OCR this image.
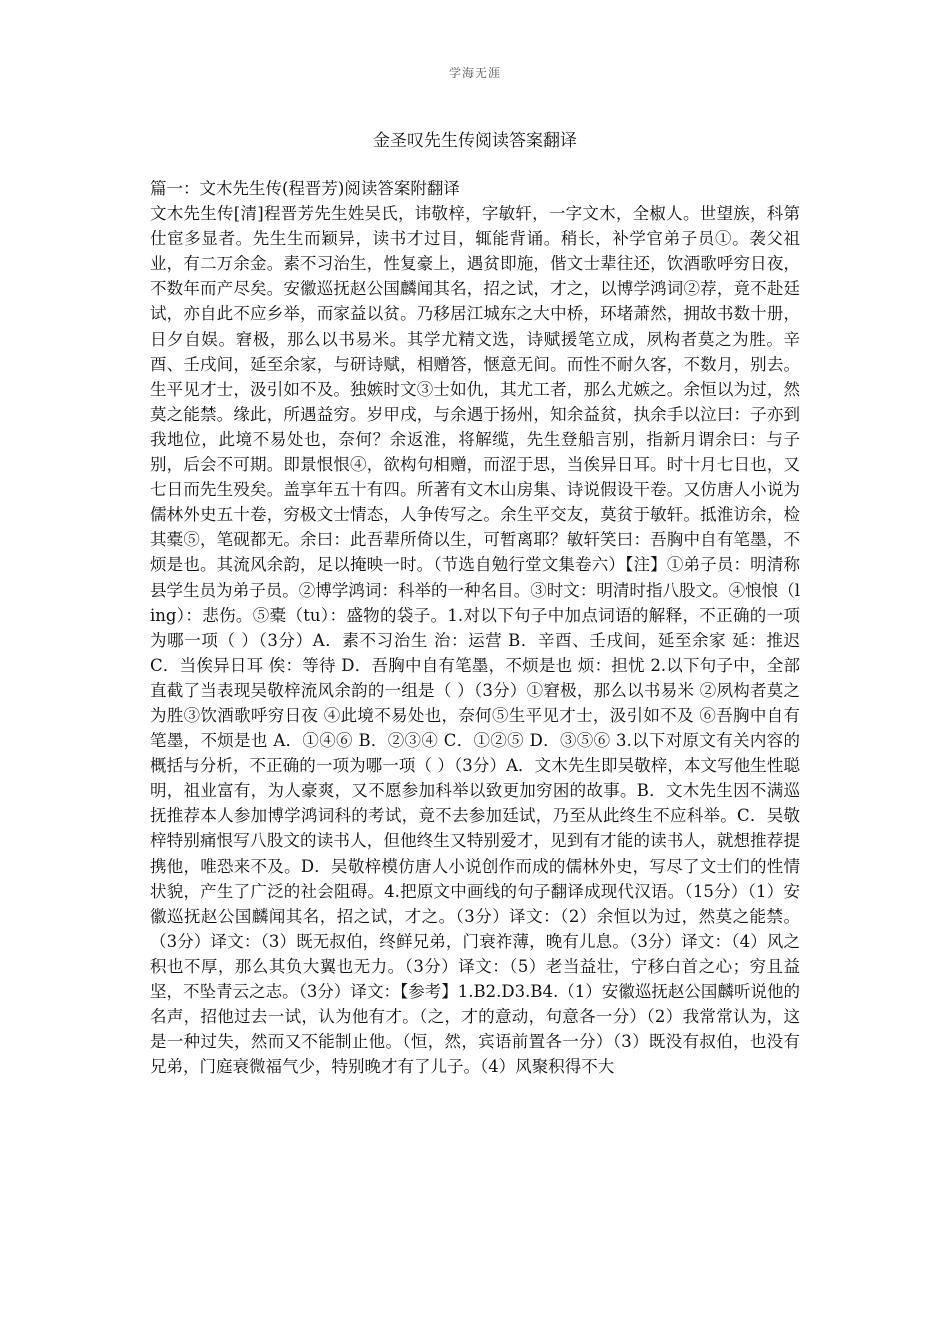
学海无涯
金圣叹先生传阅读答案翻译
篇一：文木先生传(程晋芳)阅读答案附翻译
文木先生传[清]程晋芳先生姓吴氏，讳敬梓，字敏轩，一字文木，全椒人。世望族，科第仕宦多显者。先生生而颖异，读书才过目，辄能背诵。稍长，补学官弟子员①。袭父祖业，有二万余金。素不习治生，性复豪上，遇贫即施，偕文士辈往还，饮酒歌呼穷日夜，不数年而产尽矣。安徽巡抚赵公国麟闻其名，招之试，才之，以博学鸿词②荐，竟不赴廷试，亦自此不应乡举，而家益以贫。乃移居江城东之大中桥，环堵萧然，拥故书数十册，日夕自娱。窘极，那么以书易米。其学尤精文选，诗赋援笔立成，夙构者莫之为胜。辛酉、壬戌间，延至余家，与研诗赋，相赠答，惬意无间。而性不耐久客，不数月，别去。生平见才士，汲引如不及。独嫉时文③士如仇，其尤工者，那么尤嫉之。余恒以为过，然莫之能禁。缘此，所遇益穷。岁甲戌，与余遇于扬州，知余益贫，执余手以泣曰：子亦到我地位，此境不易处也，奈何？余返淮，将解缆，先生登船言别，指新月谓余曰：与子别，后会不可期。即景恨恨④，欲构句相赠，而涩于思，当俟异日耳。时十月七日也，又七日而先生殁矣。盖享年五十有四。所著有文木山房集、诗说假设干卷。又仿唐人小说为儒林外史五十卷，穷极文士情态，人争传写之。余生平交友，莫贫于敏轩。抵淮访余，检其橐⑤，笔砚都无。余曰：此吾辈所倚以生，可暂离耶？敏轩笑曰：吾胸中自有笔墨，不烦是也。其流风余韵，足以掩映一时。（节选自勉行堂文集卷六）【注】①弟子员：明清称县学生员为弟子员。②博学鸿词：科举的一种名目。③时文：明清时指八股文。④悢悢（ling）：悲伤。⑤橐（tu）：盛物的袋子。1.对以下句子中加点词语的解释，不正确的一项为哪一项（ ）（3分）A．素不习治生 治：运营 B．辛酉、壬戌间，延至余家 延：推迟 C．当俟异日耳 俟：等待 D．吾胸中自有笔墨，不烦是也 烦：担忧 2.以下句子中，全部直截了当表现吴敬梓流风余韵的一组是（ ）（3分）①窘极，那么以书易米 ②夙构者莫之为胜③饮酒歌呼穷日夜 ④此境不易处也，奈何⑤生平见才士，汲引如不及 ⑥吾胸中自有笔墨，不烦是也 A．①④⑥ B．②③④ C．①②⑤ D．③⑤⑥ 3.以下对原文有关内容的概括与分析，不正确的一项为哪一项（ ）（3分）A．文木先生即吴敬梓，本文写他生性聪明，祖业富有，为人豪爽，又不愿参加科举以致更加穷困的故事。B．文木先生因不满巡抚推荐本人参加博学鸿词科的考试，竟不去参加廷试，乃至从此终生不应科举。C．吴敬梓特别痛恨写八股文的读书人，但他终生又特别爱才，见到有才能的读书人，就想推荐提携他，唯恐来不及。D．吴敬梓模仿唐人小说创作而成的儒林外史，写尽了文士们的性情状貌，产生了广泛的社会阻碍。4.把原文中画线的句子翻译成现代汉语。（15分）（1）安徽巡抚赵公国麟闻其名，招之试，才之。（3分）译文：（2）余恒以为过，然莫之能禁。（3分）译文：（3）既无叔伯，终鲜兄弟，门衰祚薄，晚有儿息。（3分）译文：（4）风之积也不厚，那么其负大翼也无力。（3分）译文：（5）老当益壮，宁移白首之心；穷且益坚，不坠青云之志。（3分）译文：【参考】1.B2.D3.B4.（1）安徽巡抚赵公国麟听说他的名声，招他过去一试，认为他有才。（之，才的意动，句意各一分）（2）我常常认为，这是一种过失，然而又不能制止他。（恒，然，宾语前置各一分）（3）既没有叔伯，也没有兄弟，门庭衰微福气少，特别晚才有了儿子。（4）风聚积得不大
